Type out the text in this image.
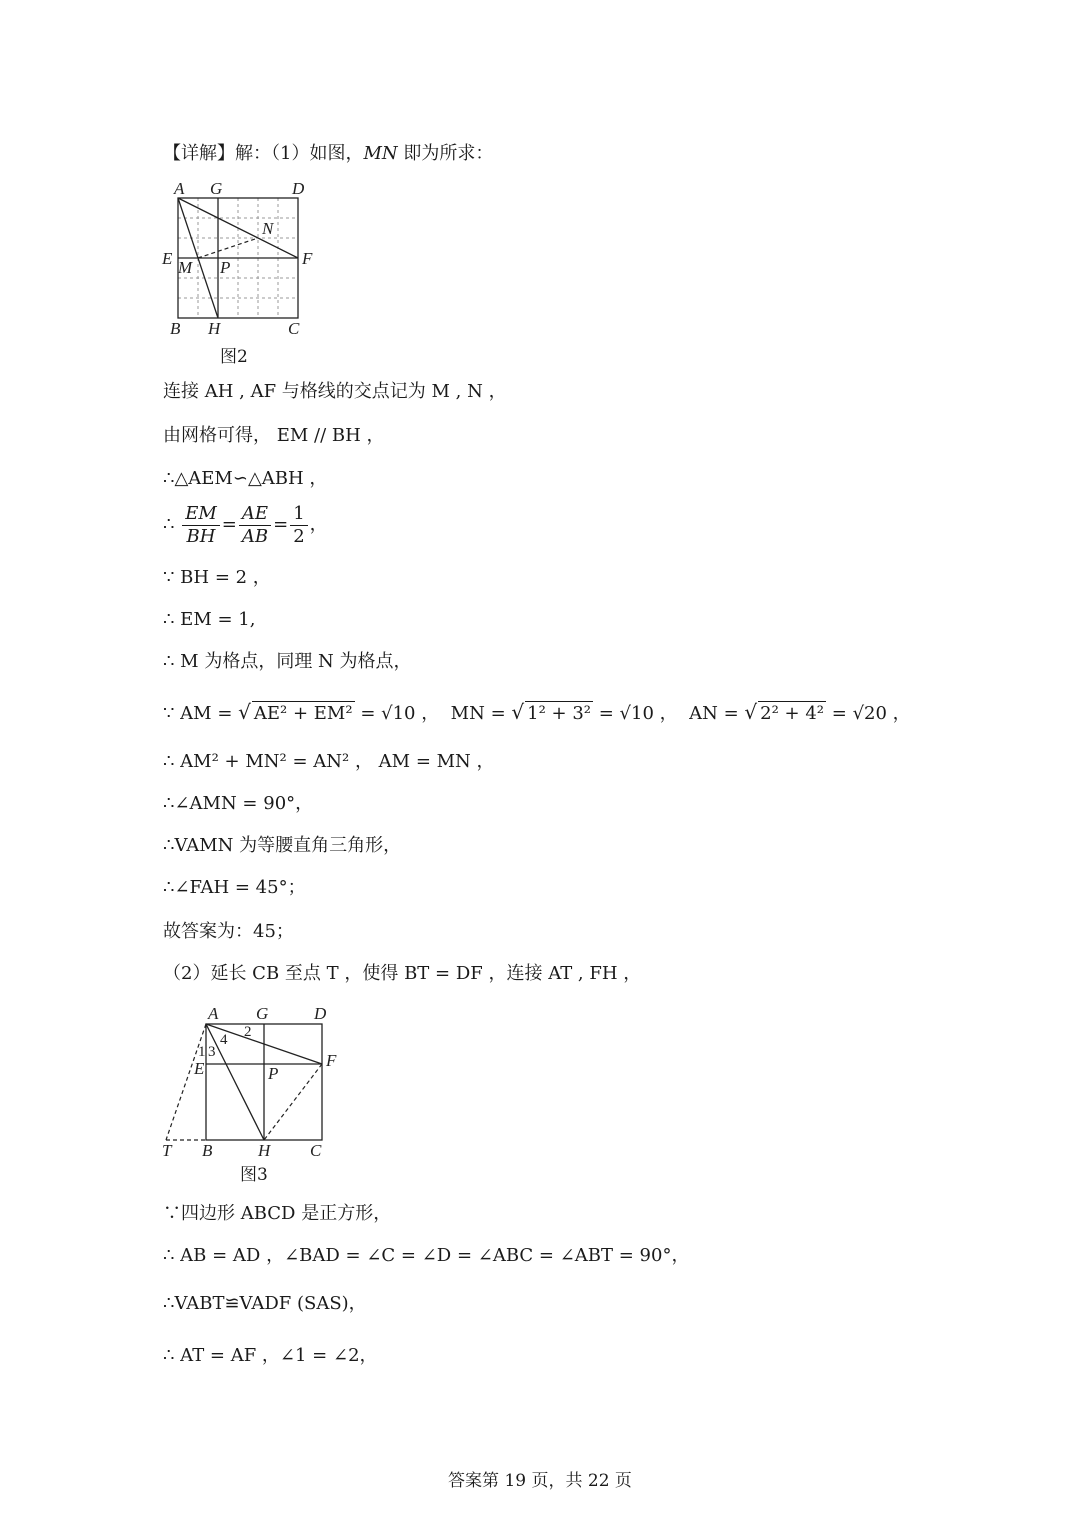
【详解】解：（1）如图，MN 即为所求：
A G	D
N
E M P	F
B H	C
图2
连接 AH , AF 与格线的交点记为 M , N ，
由网格可得， EM // BH ，
∴△AEM∽△ABH ，
∴ $\frac{EM}{BH} = \frac{AE}{AB} = \frac{1}{2}$ ，
∵ BH = 2 ，
∴ EM = 1,
∴ M 为格点，同理 N 为格点，
∵ AM = √ AE² + EM² = √10 ， MN = √ 1² + 3² = √10 ， AN = √ 2² + 4² = √20 ，
∴ AM² + MN² = AN² ， AM = MN ，
∴∠AMN = 90°，
∴VAMN 为等腰直角三角形，
∴∠FAH = 45°；
故答案为：45；
（2）延长 CB 至点 T ，使得 BT = DF ，连接 AT , FH ，
A G	D
E	P
F
T B	H C
1 3
4 2
图3
∵四边形 ABCD 是正方形，
∴ AB = AD ，∠BAD = ∠C = ∠D = ∠ABC = ∠ABT = 90°，
∴VABT≌VADF (SAS)，
∴ AT = AF ，∠1 = ∠2，
答案第 19 页，共 22 页
